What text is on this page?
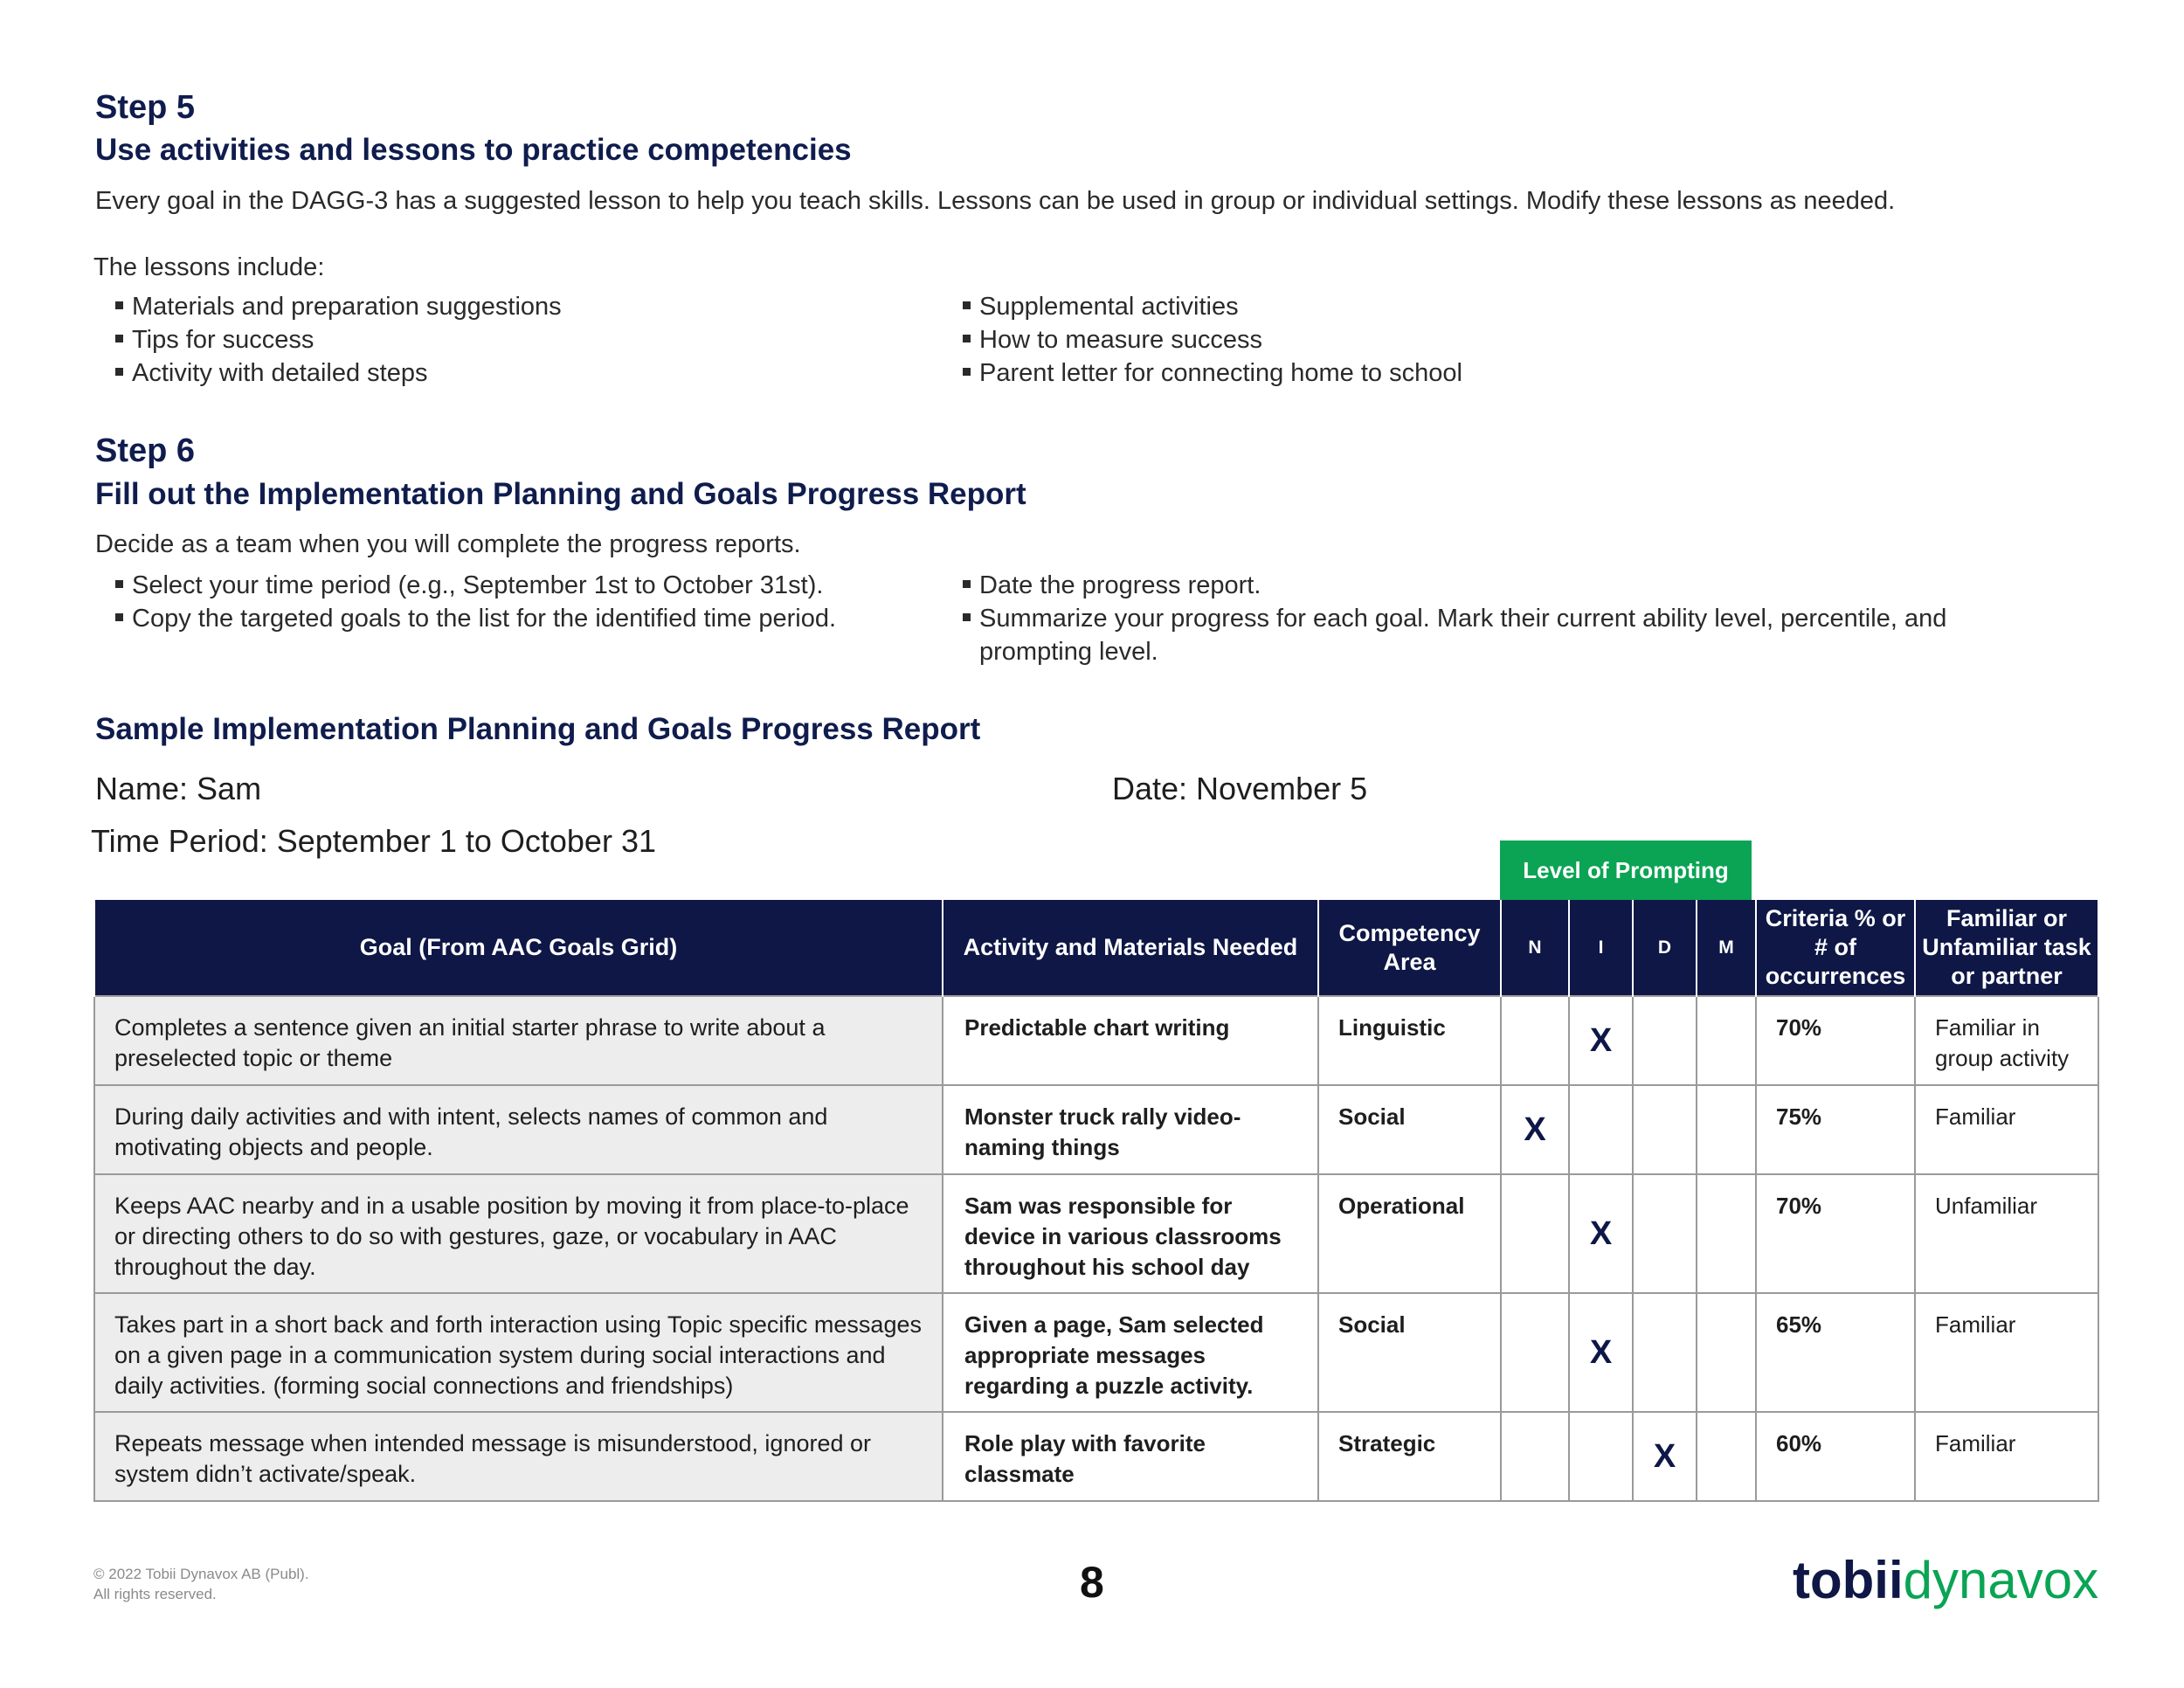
Step 5
Use activities and lessons to practice competencies
Every goal in the DAGG-3 has a suggested lesson to help you teach skills. Lessons can be used in group or individual settings. Modify these lessons as needed.
The lessons include:
Materials and preparation suggestions
Tips for success
Activity with detailed steps
Supplemental activities
How to measure success
Parent letter for connecting home to school
Step 6
Fill out the Implementation Planning and Goals Progress Report
Decide as a team when you will complete the progress reports.
Select your time period (e.g., September 1st to October 31st).
Copy the targeted goals to the list for the identified time period.
Date the progress report.
Summarize your progress for each goal. Mark their current ability level, percentile, and
prompting level.
Sample Implementation Planning and Goals Progress Report
Name: Sam	Date: November 5
Time Period: September 1 to October 31
Level of Prompting
Goal (From AAC Goals Grid)	Activity and Materials Needed	Competency Area	N	I	D	M	Criteria % or # of occurrences	Familiar or Unfamiliar task or partner
Completes a sentence given an initial starter phrase to write about a preselected topic or theme	Predictable chart writing	Linguistic		X			70%	Familiar in group activity
During daily activities and with intent, selects names of common and motivating objects and people.	Monster truck rally video-naming things	Social	X				75%	Familiar
Keeps AAC nearby and in a usable position by moving it from place-to-place or directing others to do so with gestures, gaze, or vocabulary in AAC throughout the day.	Sam was responsible for device in various classrooms throughout his school day	Operational		X			70%	Unfamiliar
Takes part in a short back and forth interaction using Topic specific messages on a given page in a communication system during social interactions and daily activities. (forming social connections and friendships)	Given a page, Sam selected appropriate messages regarding a puzzle activity.	Social		X			65%	Familiar
Repeats message when intended message is misunderstood, ignored or system didn’t activate/speak.	Role play with favorite classmate	Strategic			X		60%	Familiar
© 2022 Tobii Dynavox AB (Publ).
All rights reserved.	8	tobiidynavox
